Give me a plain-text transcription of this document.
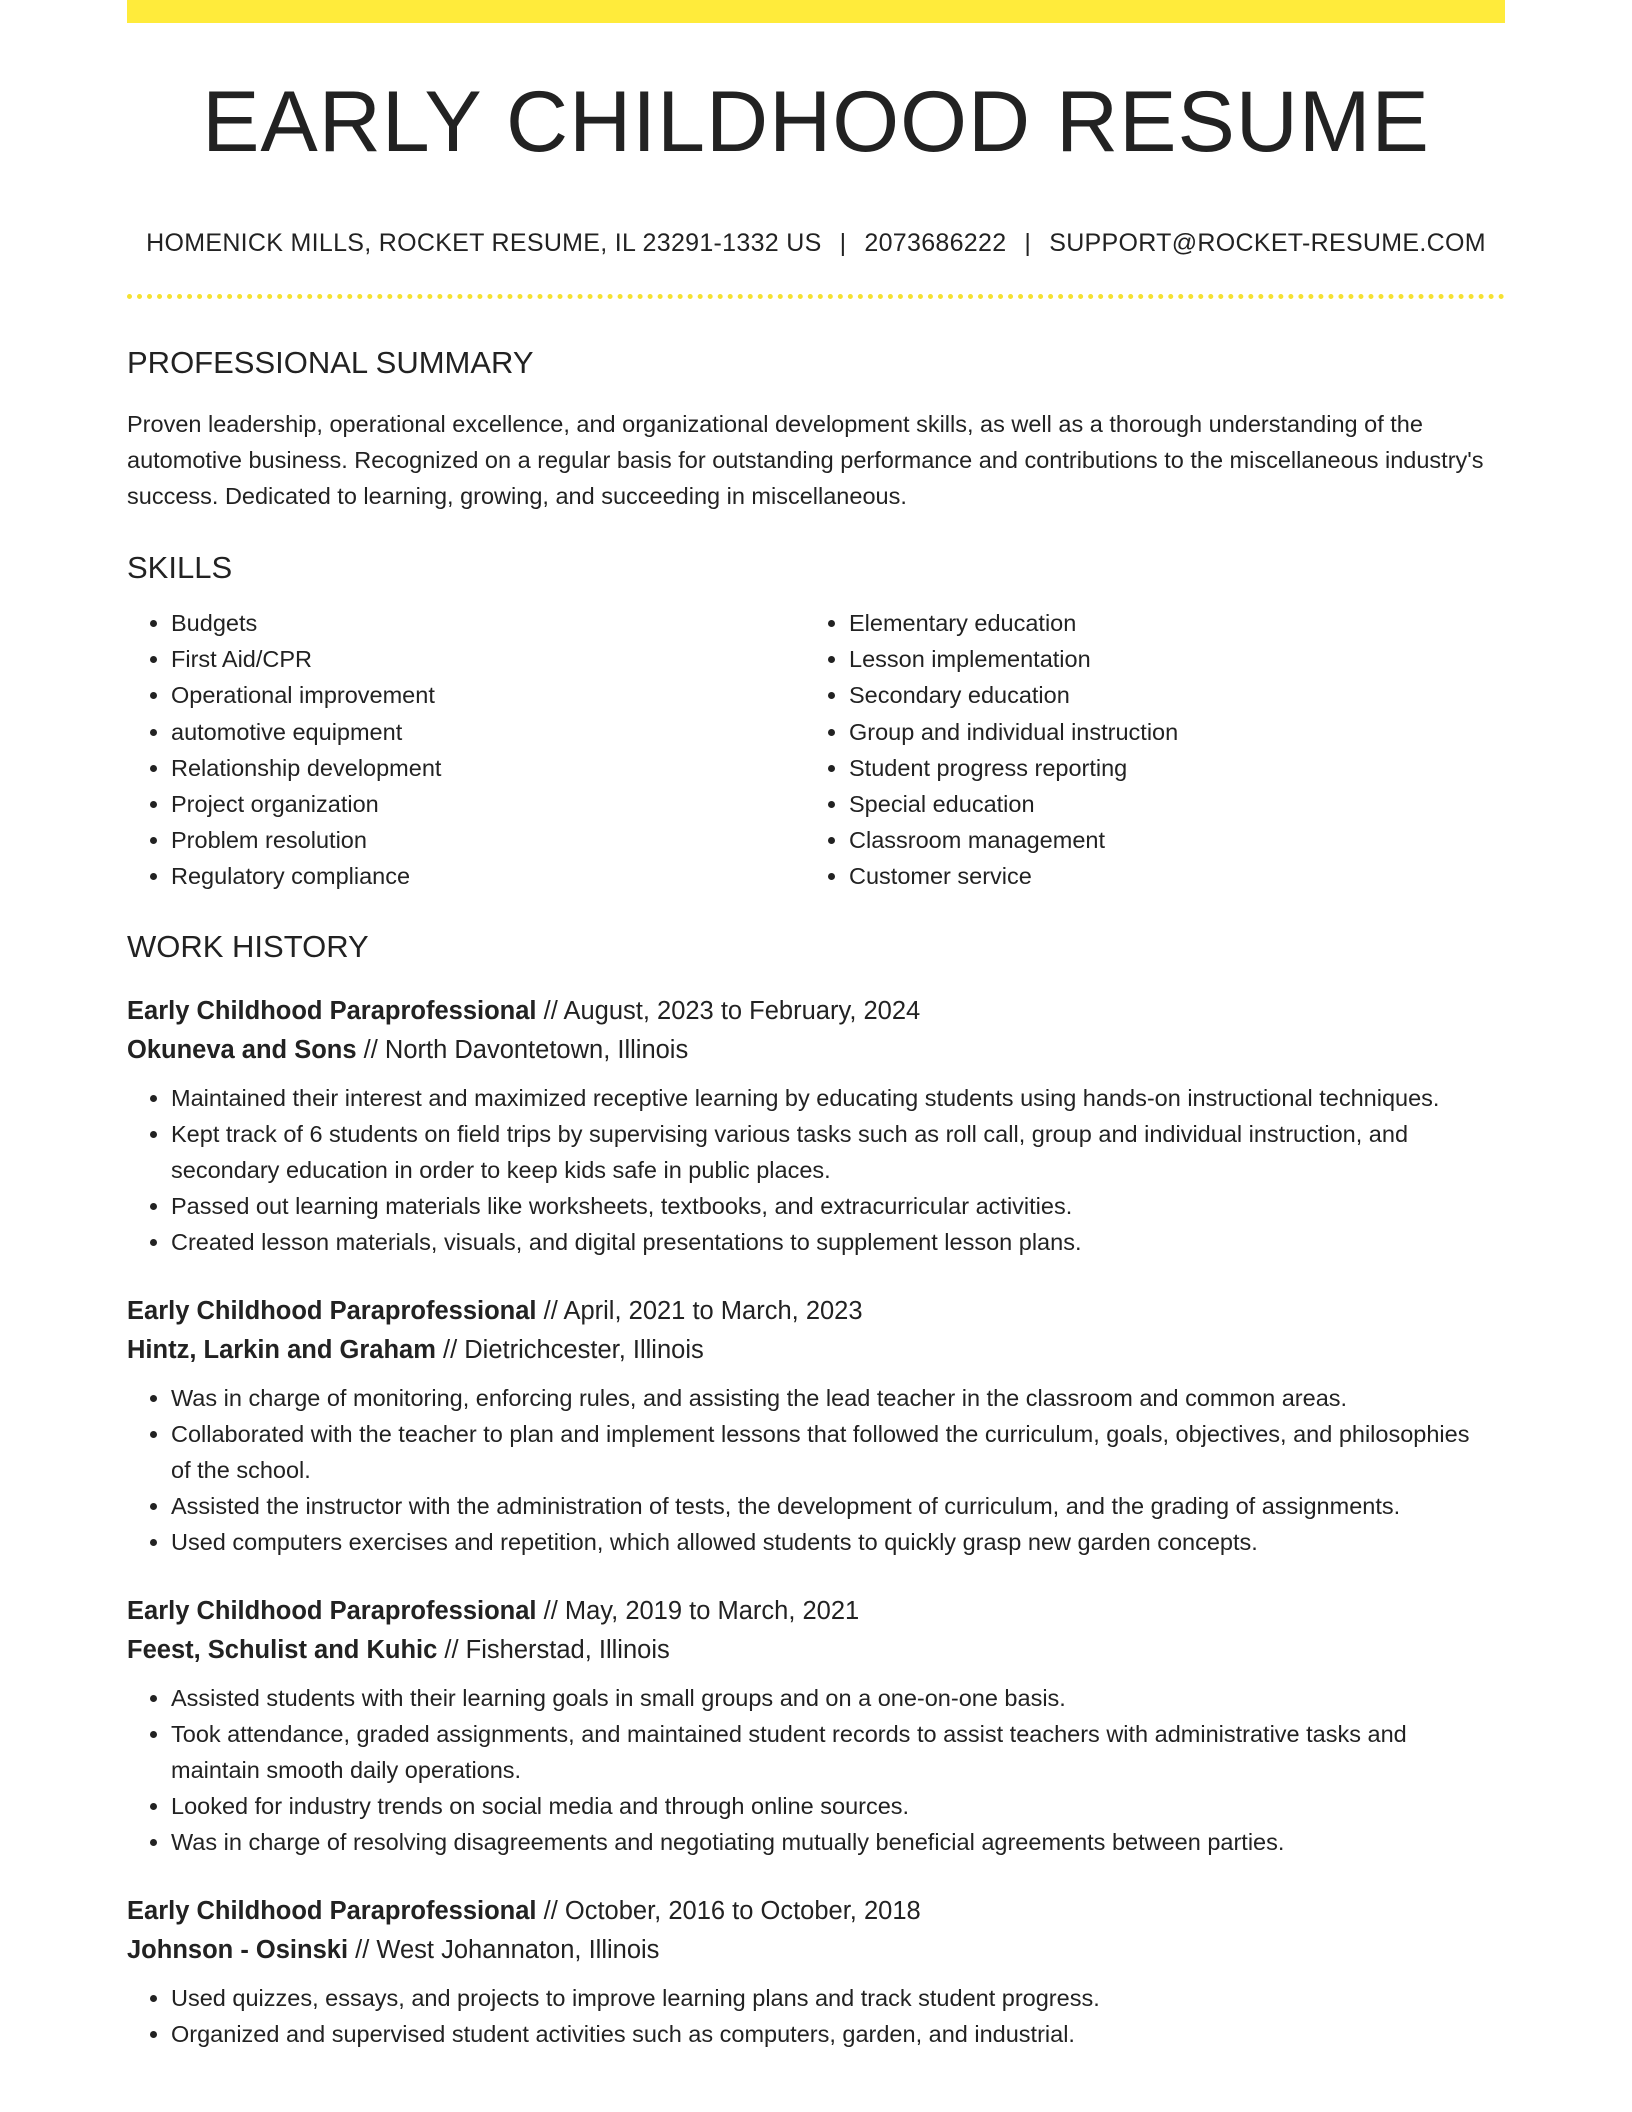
EARLY CHILDHOOD RESUME
HOMENICK MILLS, ROCKET RESUME, IL 23291-1332 US | 2073686222 | SUPPORT@ROCKET-RESUME.COM
PROFESSIONAL SUMMARY

Proven leadership, operational excellence, and organizational development skills, as well as a thorough understanding of the automotive business. Recognized on a regular basis for outstanding performance and contributions to the miscellaneous industry's success. Dedicated to learning, growing, and succeeding in miscellaneous.

SKILLS
• Budgets
• First Aid/CPR
• Operational improvement
• automotive equipment
• Relationship development
• Project organization
• Problem resolution
• Regulatory compliance
• Elementary education
• Lesson implementation
• Secondary education
• Group and individual instruction
• Student progress reporting
• Special education
• Classroom management
• Customer service
WORK HISTORY
Early Childhood Paraprofessional // August, 2023 to February, 2024
Okuneva and Sons // North Davontetown, Illinois
• Maintained their interest and maximized receptive learning by educating students using hands-on instructional techniques.
• Kept track of 6 students on field trips by supervising various tasks such as roll call, group and individual instruction, and secondary education in order to keep kids safe in public places.
• Passed out learning materials like worksheets, textbooks, and extracurricular activities.
• Created lesson materials, visuals, and digital presentations to supplement lesson plans.
Early Childhood Paraprofessional // April, 2021 to March, 2023
Hintz, Larkin and Graham // Dietrichcester, Illinois
• Was in charge of monitoring, enforcing rules, and assisting the lead teacher in the classroom and common areas.
• Collaborated with the teacher to plan and implement lessons that followed the curriculum, goals, objectives, and philosophies of the school.
• Assisted the instructor with the administration of tests, the development of curriculum, and the grading of assignments.
• Used computers exercises and repetition, which allowed students to quickly grasp new garden concepts.
Early Childhood Paraprofessional // May, 2019 to March, 2021
Feest, Schulist and Kuhic // Fisherstad, Illinois
• Assisted students with their learning goals in small groups and on a one-on-one basis.
• Took attendance, graded assignments, and maintained student records to assist teachers with administrative tasks and maintain smooth daily operations.
• Looked for industry trends on social media and through online sources.
• Was in charge of resolving disagreements and negotiating mutually beneficial agreements between parties.
Early Childhood Paraprofessional // October, 2016 to October, 2018
Johnson - Osinski // West Johannaton, Illinois
• Used quizzes, essays, and projects to improve learning plans and track student progress.
• Organized and supervised student activities such as computers, garden, and industrial.
